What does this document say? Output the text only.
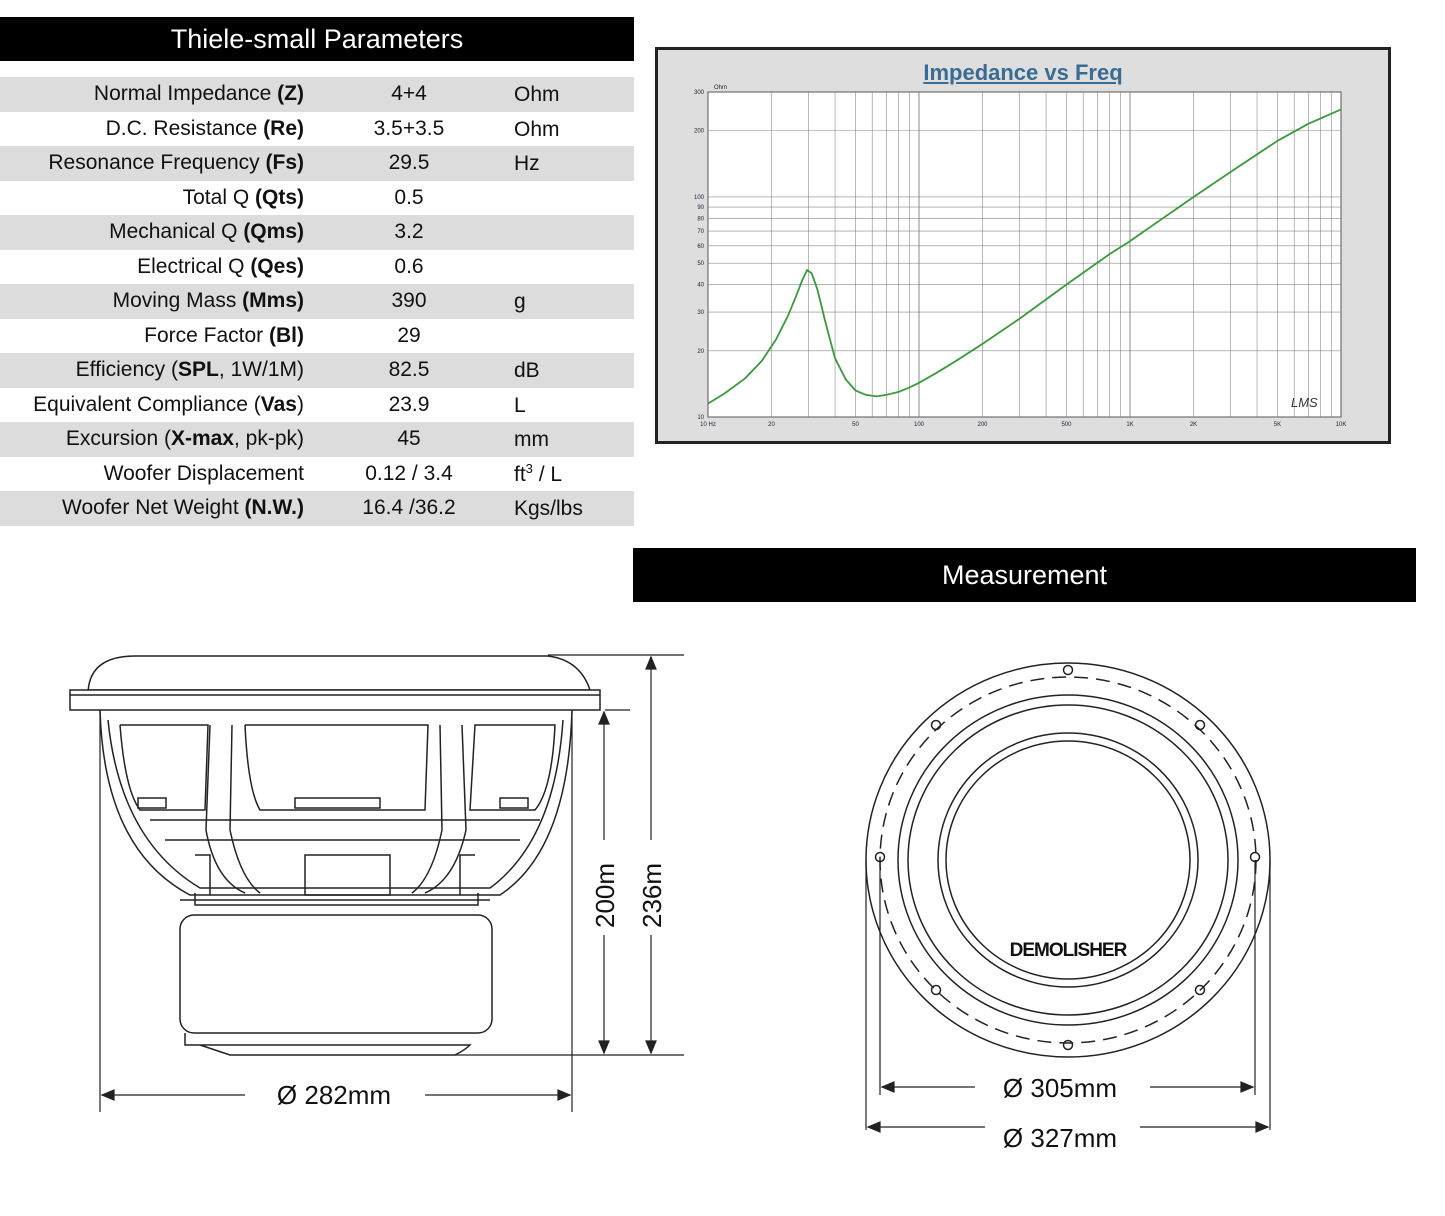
Thiele-small Parameters
Normal Impedance (Z)	4+4	Ohm
D.C. Resistance (Re)	3.5+3.5	Ohm
Resonance Frequency (Fs)	29.5	Hz
Total Q (Qts)	0.5
Mechanical Q (Qms)	3.2
Electrical Q (Qes)	0.6
Moving Mass (Mms)	390	g
Force Factor (Bl)	29
Efficiency (SPL, 1W/1M)	82.5	dB
Equivalent Compliance (Vas)	23.9	L
Excursion (X-max, pk-pk)	45	mm
Woofer Displacement	0.12 / 3.4	$ft^3$ / L
Woofer Net Weight (N.W.)	16.4 /36.2	Kgs/lbs
Impedance vs Freq
10 Hz	20	50	100	200	500	1K	2K	5K	10K
10
20
30
40
50
60
70
80
90
100
200
300
Ohm
LMS
Measurement
200m 236m
Ø 282mm
DEMOLISHER
Ø 305mm
Ø 327mm
